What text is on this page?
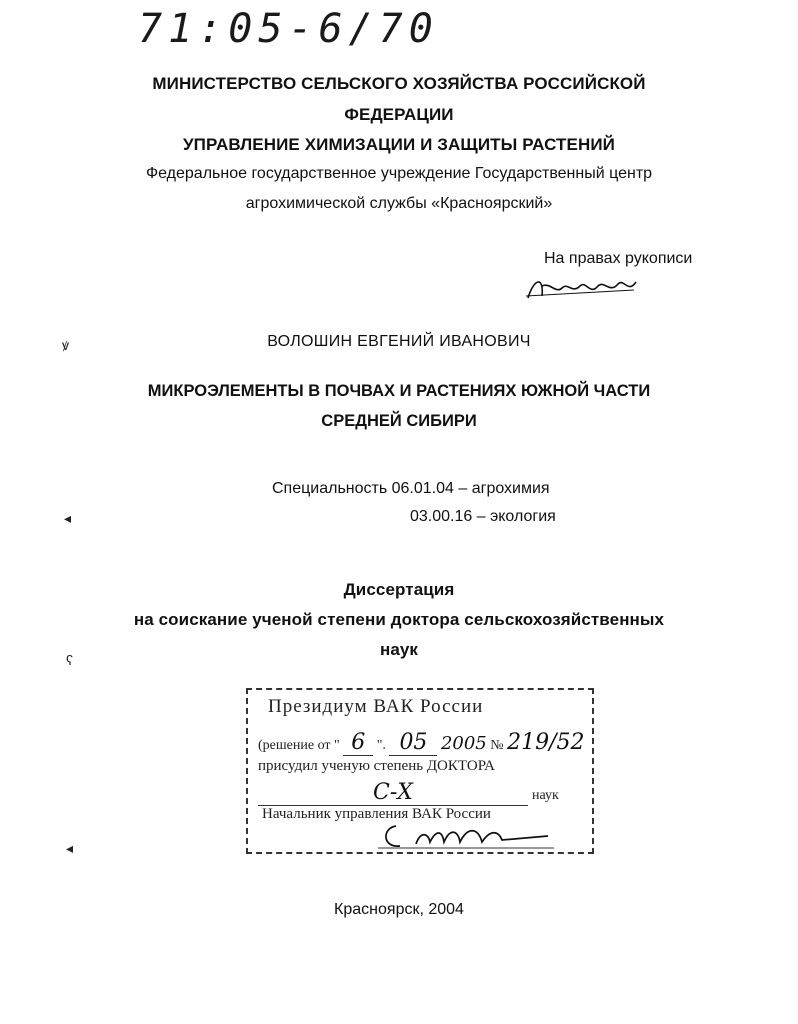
71:05-6/70
МИНИСТЕРСТВО СЕЛЬСКОГО ХОЗЯЙСТВА РОССИЙСКОЙ
ФЕДЕРАЦИИ
УПРАВЛЕНИЕ ХИМИЗАЦИИ И ЗАЩИТЫ РАСТЕНИЙ
Федеральное государственное учреждение Государственный центр
агрохимической службы «Красноярский»
На правах рукописи
ꝟ
◂
ʕ
◂
ВОЛОШИН ЕВГЕНИЙ ИВАНОВИЧ
МИКРОЭЛЕМЕНТЫ В ПОЧВАХ И РАСТЕНИЯХ ЮЖНОЙ ЧАСТИ
СРЕДНЕЙ СИБИРИ
Специальность 06.01.04 – агрохимия
03.00.16 – экология
Диссертация
на соискание ученой степени доктора сельскохозяйственных
наук
Президиум ВАК России
(решение от " 6 ". 05 2005 № 219/52
присудил ученую степень ДОКТОРА
С-Х	наук
Начальник управления ВАК России
Красноярск, 2004
